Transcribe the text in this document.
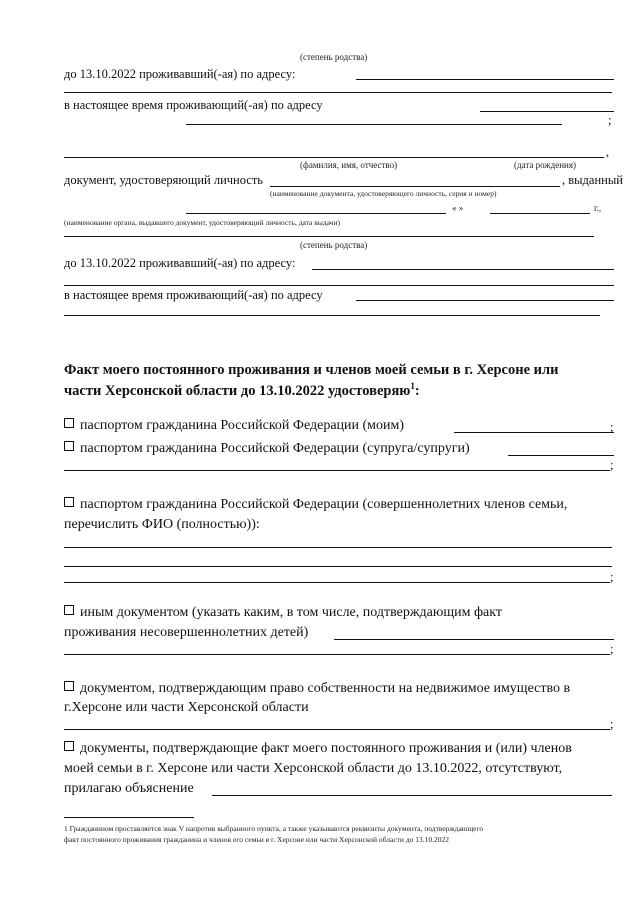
(степень родства)
до 13.10.2022 проживавший(-ая) по адресу:
в настоящее время проживающий(-ая) по адресу
;
,
(фамилия, имя, отчество)	(дата рождения)
документ, удостоверяющий личность	, выданный
(наименование документа, удостоверяющего личность, серия и номер)
« »	г.,
(наименование органа, выдавшего документ, удостоверяющий личность, дата выдачи)
(степень родства)
до 13.10.2022 проживавший(-ая) по адресу:
в настоящее время проживающий(-ая) по адресу
Факт моего постоянного проживания и членов моей семьи в г. Херсоне или
части Херсонской области до 13.10.2022 удостоверяю$^1$:
паспортом гражданина Российской Федерации (моим)	;
паспортом гражданина Российской Федерации (супруга/супруги)
;
паспортом гражданина Российской Федерации (совершеннолетних членов семьи,
перечислить ФИО (полностью)):
;
иным документом (указать каким, в том числе, подтверждающим факт
проживания несовершеннолетних детей)
;
документом, подтверждающим право собственности на недвижимое имущество в
г.Херсоне или части Херсонской области
;
документы, подтверждающие факт моего постоянного проживания и (или) членов
моей семьи в г. Херсоне или части Херсонской области до 13.10.2022, отсутствуют,
прилагаю объяснение
1 Гражданином проставляется знак V напротив выбранного пункта, а также указываются реквизиты документа, подтверждающего
факт постоянного проживания гражданина и членов его семьи в г. Херсоне или части Херсонской области до 13.10.2022
